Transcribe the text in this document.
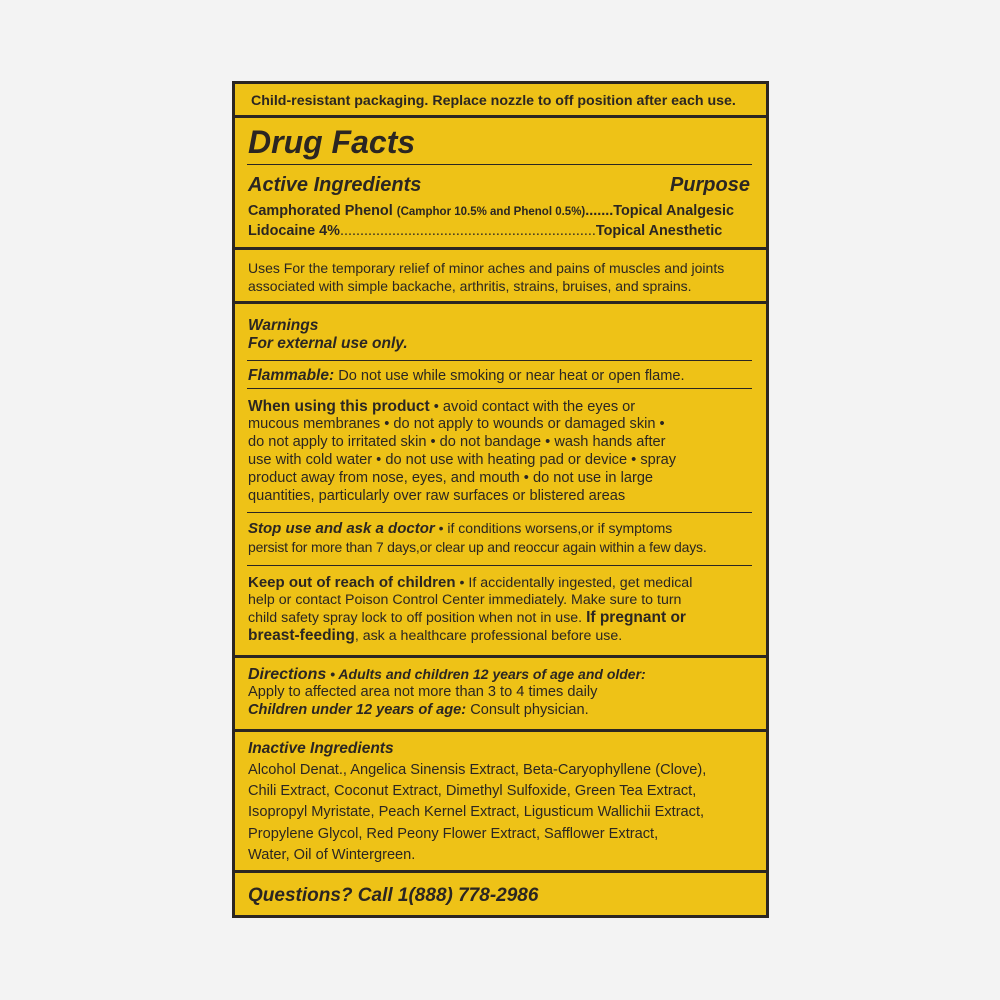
Child-resistant packaging. Replace nozzle to off position after each use.
Drug Facts
Active Ingredients	Purpose
Camphorated Phenol (Camphor 10.5% and Phenol 0.5%).......Topical Analgesic
Lidocaine 4%................................................................Topical Anesthetic
Uses For the temporary relief of minor aches and pains of muscles and joints
associated with simple backache, arthritis, strains, bruises, and sprains.
Warnings
For external use only.
Flammable: Do not use while smoking or near heat or open flame.
When using this product • avoid contact with the eyes or
mucous membranes • do not apply to wounds or damaged skin •
do not apply to irritated skin • do not bandage • wash hands after
use with cold water • do not use with heating pad or device • spray
product away from nose, eyes, and mouth • do not use in large
quantities, particularly over raw surfaces or blistered areas
Stop use and ask a doctor • if conditions worsens,or if symptoms
persist for more than 7 days,or clear up and reoccur again within a few days.
Keep out of reach of children • If accidentally ingested, get medical
help or contact Poison Control Center immediately. Make sure to turn
child safety spray lock to off position when not in use. If pregnant or
breast-feeding, ask a healthcare professional before use.
Directions • Adults and children 12 years of age and older:
Apply to affected area not more than 3 to 4 times daily
Children under 12 years of age: Consult physician.
Inactive Ingredients
Alcohol Denat., Angelica Sinensis Extract, Beta-Caryophyllene (Clove),
Chili Extract, Coconut Extract, Dimethyl Sulfoxide, Green Tea Extract,
Isopropyl Myristate, Peach Kernel Extract, Ligusticum Wallichii Extract,
Propylene Glycol, Red Peony Flower Extract, Safflower Extract,
Water, Oil of Wintergreen.
Questions? Call 1(888) 778-2986
